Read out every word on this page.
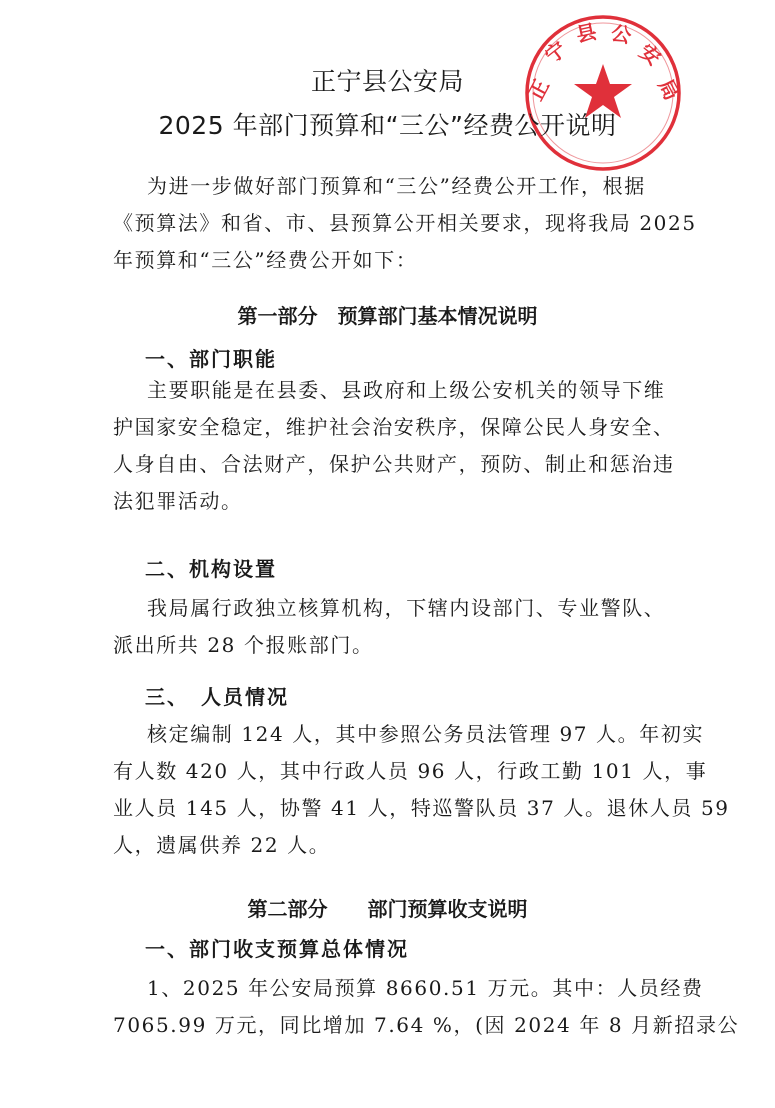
正
宁
县 公
安
局
正宁县公安局
2025 年部门预算和“三公”经费公开说明
为进一步做好部门预算和“三公”经费公开工作，根据
《预算法》和省、市、县预算公开相关要求，现将我局 2025
年预算和“三公”经费公开如下：
第一部分　预算部门基本情况说明
一、部门职能
主要职能是在县委、县政府和上级公安机关的领导下维
护国家安全稳定，维护社会治安秩序，保障公民人身安全、
人身自由、合法财产，保护公共财产，预防、制止和惩治违
法犯罪活动。
二、机构设置
我局属行政独立核算机构，下辖内设部门、专业警队、
派出所共 28 个报账部门。
三、　人员情况
核定编制 124 人，其中参照公务员法管理 97 人。年初实
有人数 420 人，其中行政人员 96 人，行政工勤 101 人，事
业人员 145 人，协警 41 人，特巡警队员 37 人。退休人员 59
人，遗属供养 22 人。
第二部分　　部门预算收支说明
一、部门收支预算总体情况
1、2025 年公安局预算 8660.51 万元。其中：人员经费
7065.99 万元，同比增加 7.64 %，(因 2024 年 8 月新招录公
